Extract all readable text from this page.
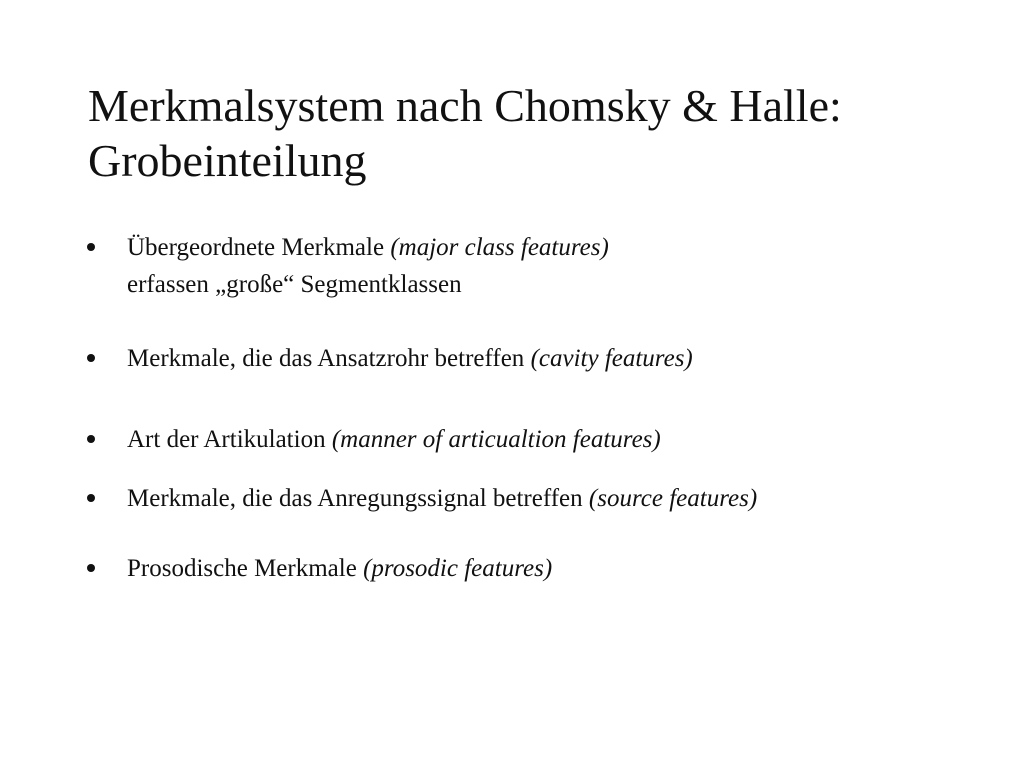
Merkmalsystem nach Chomsky & Halle:
Grobeinteilung
Übergeordnete Merkmale (major class features)
erfassen „große“ Segmentklassen
Merkmale, die das Ansatzrohr betreffen (cavity features)
Art der Artikulation (manner of articualtion features)
Merkmale, die das Anregungssignal betreffen (source features)
Prosodische Merkmale (prosodic features)
